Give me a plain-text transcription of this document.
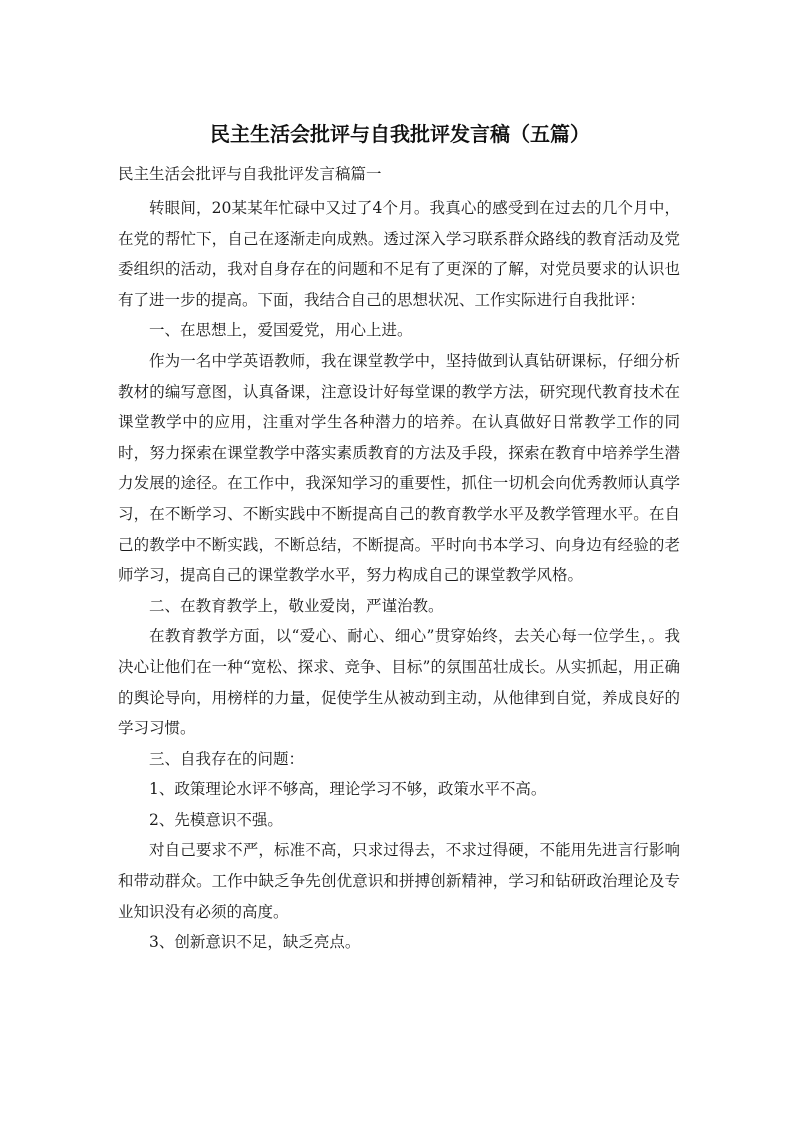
民主生活会批评与自我批评发言稿（五篇）
民主生活会批评与自我批评发言稿篇一

转眼间，20某某年忙碌中又过了4个月。我真心的感受到在过去的几个月中，在党的帮忙下，自己在逐渐走向成熟。透过深入学习联系群众路线的教育活动及党委组织的活动，我对自身存在的问题和不足有了更深的了解，对党员要求的认识也有了进一步的提高。下面，我结合自己的思想状况、工作实际进行自我批评：

一、在思想上，爱国爱党，用心上进。

作为一名中学英语教师，我在课堂教学中，坚持做到认真钻研课标，仔细分析教材的编写意图，认真备课，注意设计好每堂课的教学方法，研究现代教育技术在课堂教学中的应用，注重对学生各种潜力的培养。在认真做好日常教学工作的同时，努力探索在课堂教学中落实素质教育的方法及手段，探索在教育中培养学生潜力发展的途径。在工作中，我深知学习的重要性，抓住一切机会向优秀教师认真学习，在不断学习、不断实践中不断提高自己的教育教学水平及教学管理水平。在自己的教学中不断实践，不断总结，不断提高。平时向书本学习、向身边有经验的老师学习，提高自己的课堂教学水平，努力构成自己的课堂教学风格。

二、在教育教学上，敬业爱岗，严谨治教。

在教育教学方面，以“爱心、耐心、细心”贯穿始终，去关心每一位学生，。我决心让他们在一种“宽松、探求、竞争、目标”的氛围茁壮成长。从实抓起，用正确的舆论导向，用榜样的力量，促使学生从被动到主动，从他律到自觉，养成良好的学习习惯。

三、自我存在的问题：

1、政策理论水评不够高，理论学习不够，政策水平不高。

2、先模意识不强。

对自己要求不严，标准不高，只求过得去，不求过得硬，不能用先进言行影响和带动群众。工作中缺乏争先创优意识和拼搏创新精神，学习和钻研政治理论及专业知识没有必须的高度。

3、创新意识不足，缺乏亮点。
